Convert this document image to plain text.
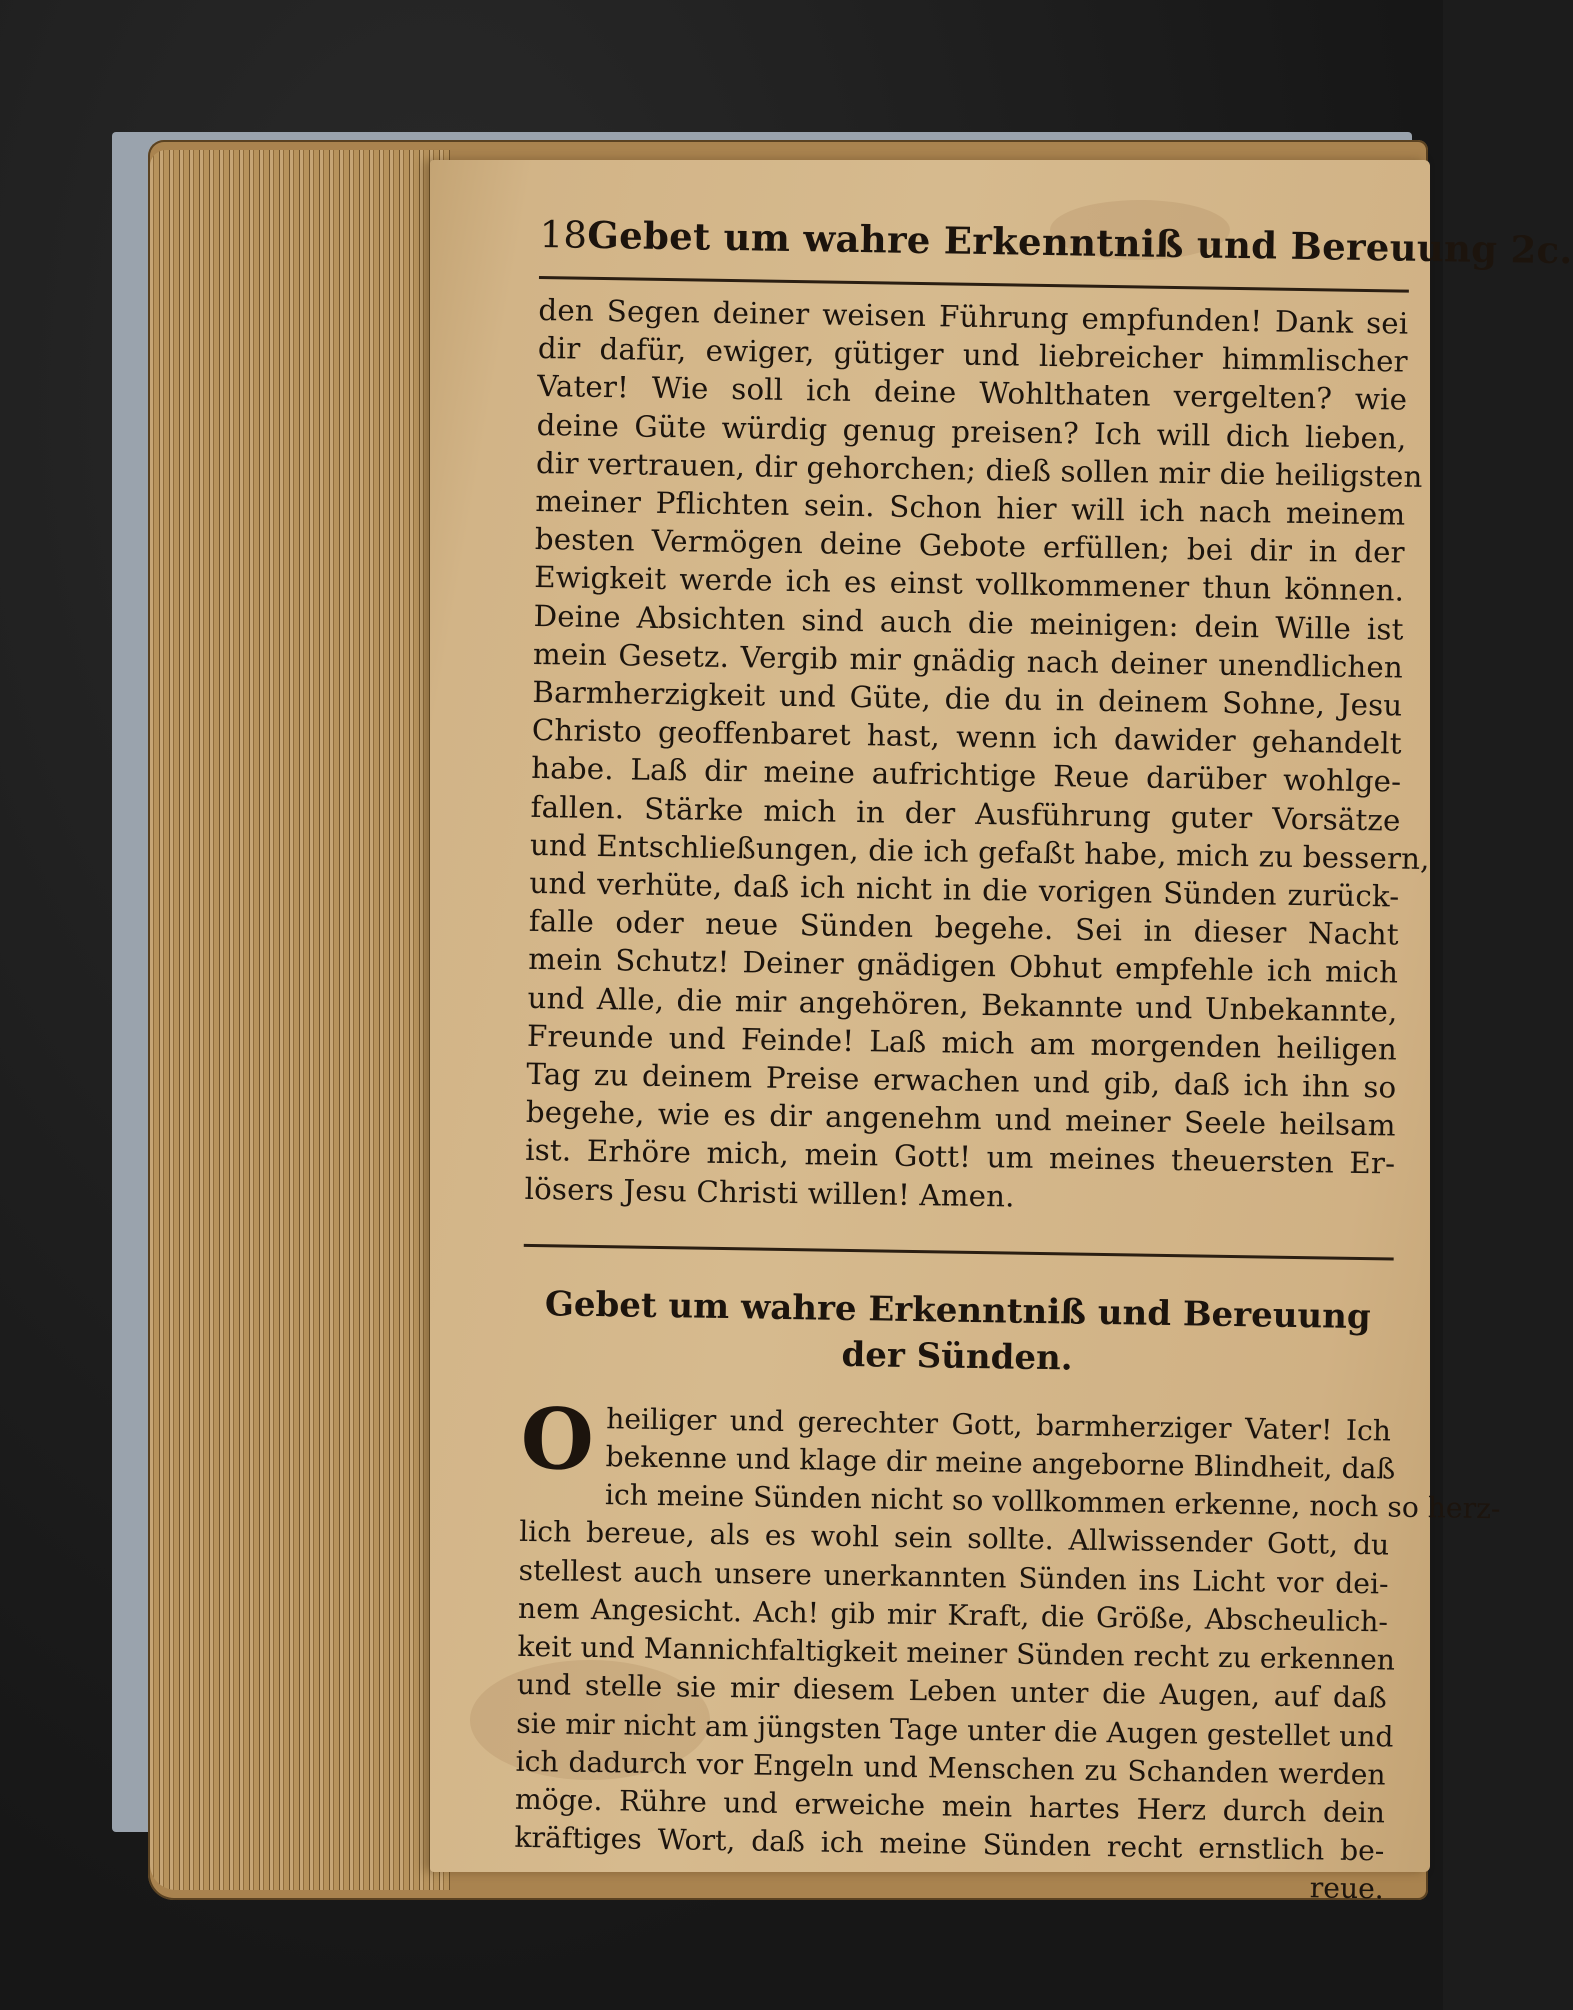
18 Gebet um wahre Erkenntniß und Bereuung 2c.
den Segen deiner weisen Führung empfunden! Dank sei
dir dafür, ewiger, gütiger und liebreicher himmlischer
Vater! Wie soll ich deine Wohlthaten vergelten? wie
deine Güte würdig genug preisen? Ich will dich lieben,
dir vertrauen, dir gehorchen; dieß sollen mir die heiligsten
meiner Pflichten sein. Schon hier will ich nach meinem
besten Vermögen deine Gebote erfüllen; bei dir in der
Ewigkeit werde ich es einst vollkommener thun können.
Deine Absichten sind auch die meinigen: dein Wille ist
mein Gesetz. Vergib mir gnädig nach deiner unendlichen
Barmherzigkeit und Güte, die du in deinem Sohne, Jesu
Christo geoffenbaret hast, wenn ich dawider gehandelt
habe. Laß dir meine aufrichtige Reue darüber wohlge-
fallen. Stärke mich in der Ausführung guter Vorsätze
und Entschließungen, die ich gefaßt habe, mich zu bessern,
und verhüte, daß ich nicht in die vorigen Sünden zurück-
falle oder neue Sünden begehe. Sei in dieser Nacht
mein Schutz! Deiner gnädigen Obhut empfehle ich mich
und Alle, die mir angehören, Bekannte und Unbekannte,
Freunde und Feinde! Laß mich am morgenden heiligen
Tag zu deinem Preise erwachen und gib, daß ich ihn so
begehe, wie es dir angenehm und meiner Seele heilsam
ist. Erhöre mich, mein Gott! um meines theuersten Er-
lösers Jesu Christi willen! Amen.
Gebet um wahre Erkenntniß und Bereuung
der Sünden.
O heiliger und gerechter Gott, barmherziger Vater! Ich
bekenne und klage dir meine angeborne Blindheit, daß
ich meine Sünden nicht so vollkommen erkenne, noch so herz-
lich bereue, als es wohl sein sollte. Allwissender Gott, du
stellest auch unsere unerkannten Sünden ins Licht vor dei-
nem Angesicht. Ach! gib mir Kraft, die Größe, Abscheulich-
keit und Mannichfaltigkeit meiner Sünden recht zu erkennen
und stelle sie mir diesem Leben unter die Augen, auf daß
sie mir nicht am jüngsten Tage unter die Augen gestellet und
ich dadurch vor Engeln und Menschen zu Schanden werden
möge. Rühre und erweiche mein hartes Herz durch dein
kräftiges Wort, daß ich meine Sünden recht ernstlich be-
reue.
